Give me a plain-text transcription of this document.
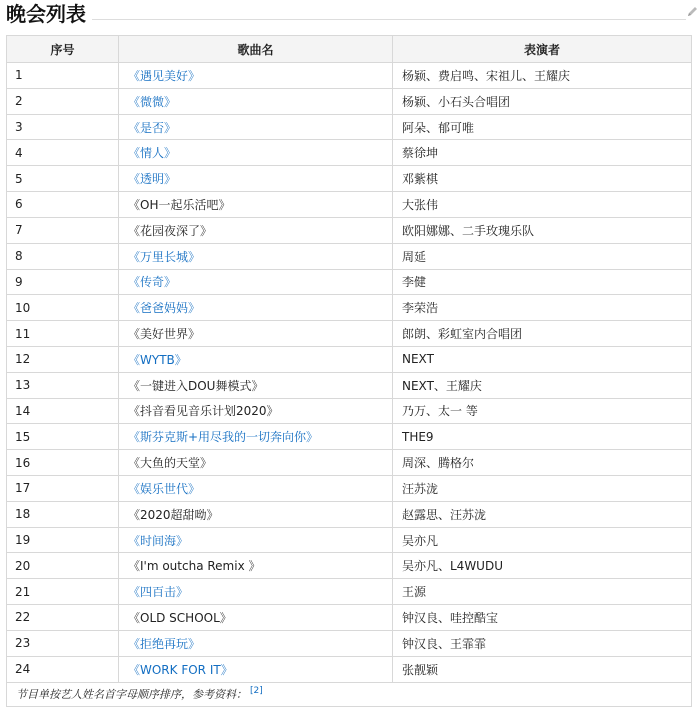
晚会列表
序号	歌曲名	表演者
1	《遇见美好》	杨颖、费启鸣、宋祖儿、王耀庆
2	《微微》	杨颖、小石头合唱团
3	《是否》	阿朵、郁可唯
4	《情人》	蔡徐坤
5	《透明》	邓紫棋
6	《OH一起乐活吧》	大张伟
7	《花园夜深了》	欧阳娜娜、二手玫瑰乐队
8	《万里长城》	周延
9	《传奇》	李健
10	《爸爸妈妈》	李荣浩
11	《美好世界》	郎朗、彩虹室内合唱团
12	《WYTB》	NEXT
13	《一键进入DOU舞模式》	NEXT、王耀庆
14	《抖音看见音乐计划2020》	乃万、太一 等
15	《斯芬克斯+用尽我的一切奔向你》	THE9
16	《大鱼的天堂》	周深、腾格尔
17	《娱乐世代》	汪苏泷
18	《2020超甜呦》	赵露思、汪苏泷
19	《时间海》	吴亦凡
20	《I'm outcha Remix 》	吴亦凡、L4WUDU
21	《四百击》	王源
22	《OLD SCHOOL》	钟汉良、哇控酷宝
23	《拒绝再玩》	钟汉良、王霏霏
24	《WORK FOR IT》	张靓颖
节目单按艺人姓名首字母顺序排序，参考资料： [2]
